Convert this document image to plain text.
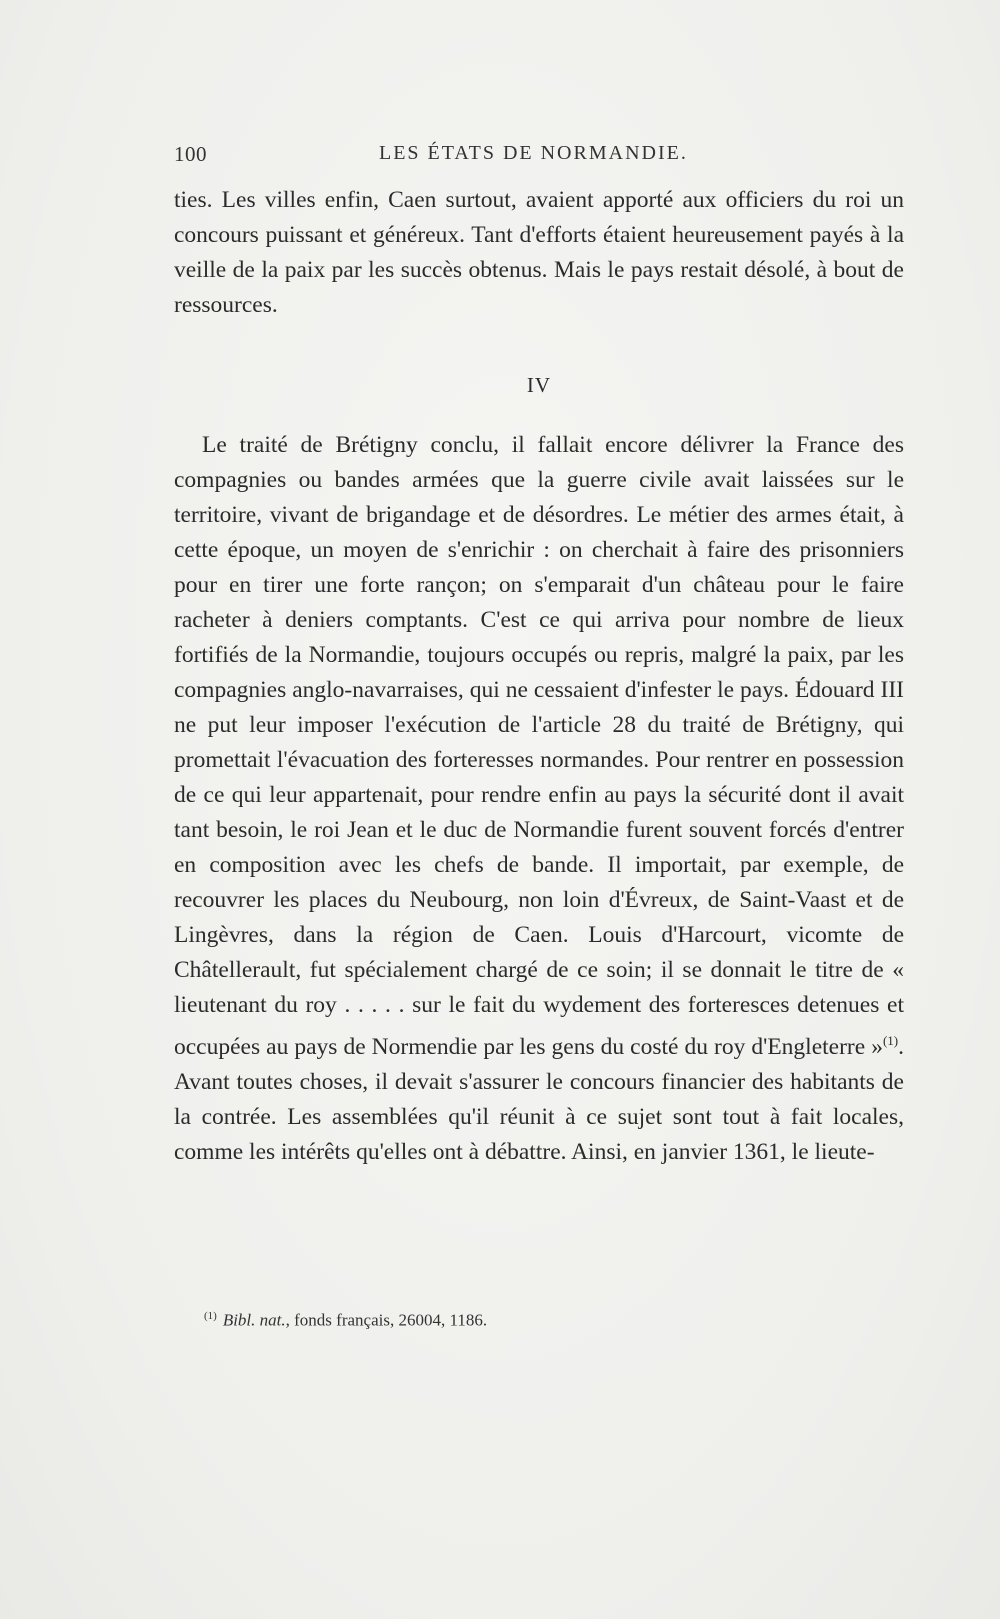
100	LES ÉTATS DE NORMANDIE.
ties. Les villes enfin, Caen surtout, avaient apporté aux officiers du roi un concours puissant et généreux. Tant d'efforts étaient heureusement payés à la veille de la paix par les succès obtenus. Mais le pays restait désolé, à bout de ressources.
IV
Le traité de Brétigny conclu, il fallait encore délivrer la France des compagnies ou bandes armées que la guerre civile avait laissées sur le territoire, vivant de brigandage et de désordres. Le métier des armes était, à cette époque, un moyen de s'enrichir : on cherchait à faire des prisonniers pour en tirer une forte rançon; on s'emparait d'un château pour le faire racheter à deniers comptants. C'est ce qui arriva pour nombre de lieux fortifiés de la Normandie, toujours occupés ou repris, malgré la paix, par les compagnies anglo-navarraises, qui ne cessaient d'infester le pays. Édouard III ne put leur imposer l'exécution de l'article 28 du traité de Brétigny, qui promettait l'évacuation des forteresses normandes. Pour rentrer en possession de ce qui leur appartenait, pour rendre enfin au pays la sécurité dont il avait tant besoin, le roi Jean et le duc de Normandie furent souvent forcés d'entrer en composition avec les chefs de bande. Il importait, par exemple, de recouvrer les places du Neubourg, non loin d'Évreux, de Saint-Vaast et de Lingèvres, dans la région de Caen. Louis d'Harcourt, vicomte de Châtellerault, fut spécialement chargé de ce soin; il se donnait le titre de « lieutenant du roy . . . . . sur le fait du wydement des forteresces detenues et occupées au pays de Normendie par les gens du costé du roy d'Engleterre »$^{(1)}$. Avant toutes choses, il devait s'assurer le concours financier des habitants de la contrée. Les assemblées qu'il réunit à ce sujet sont tout à fait locales, comme les intérêts qu'elles ont à débattre. Ainsi, en janvier 1361, le lieute-
$^{(1)}$ Bibl. nat., fonds français, 26004, 1186.
